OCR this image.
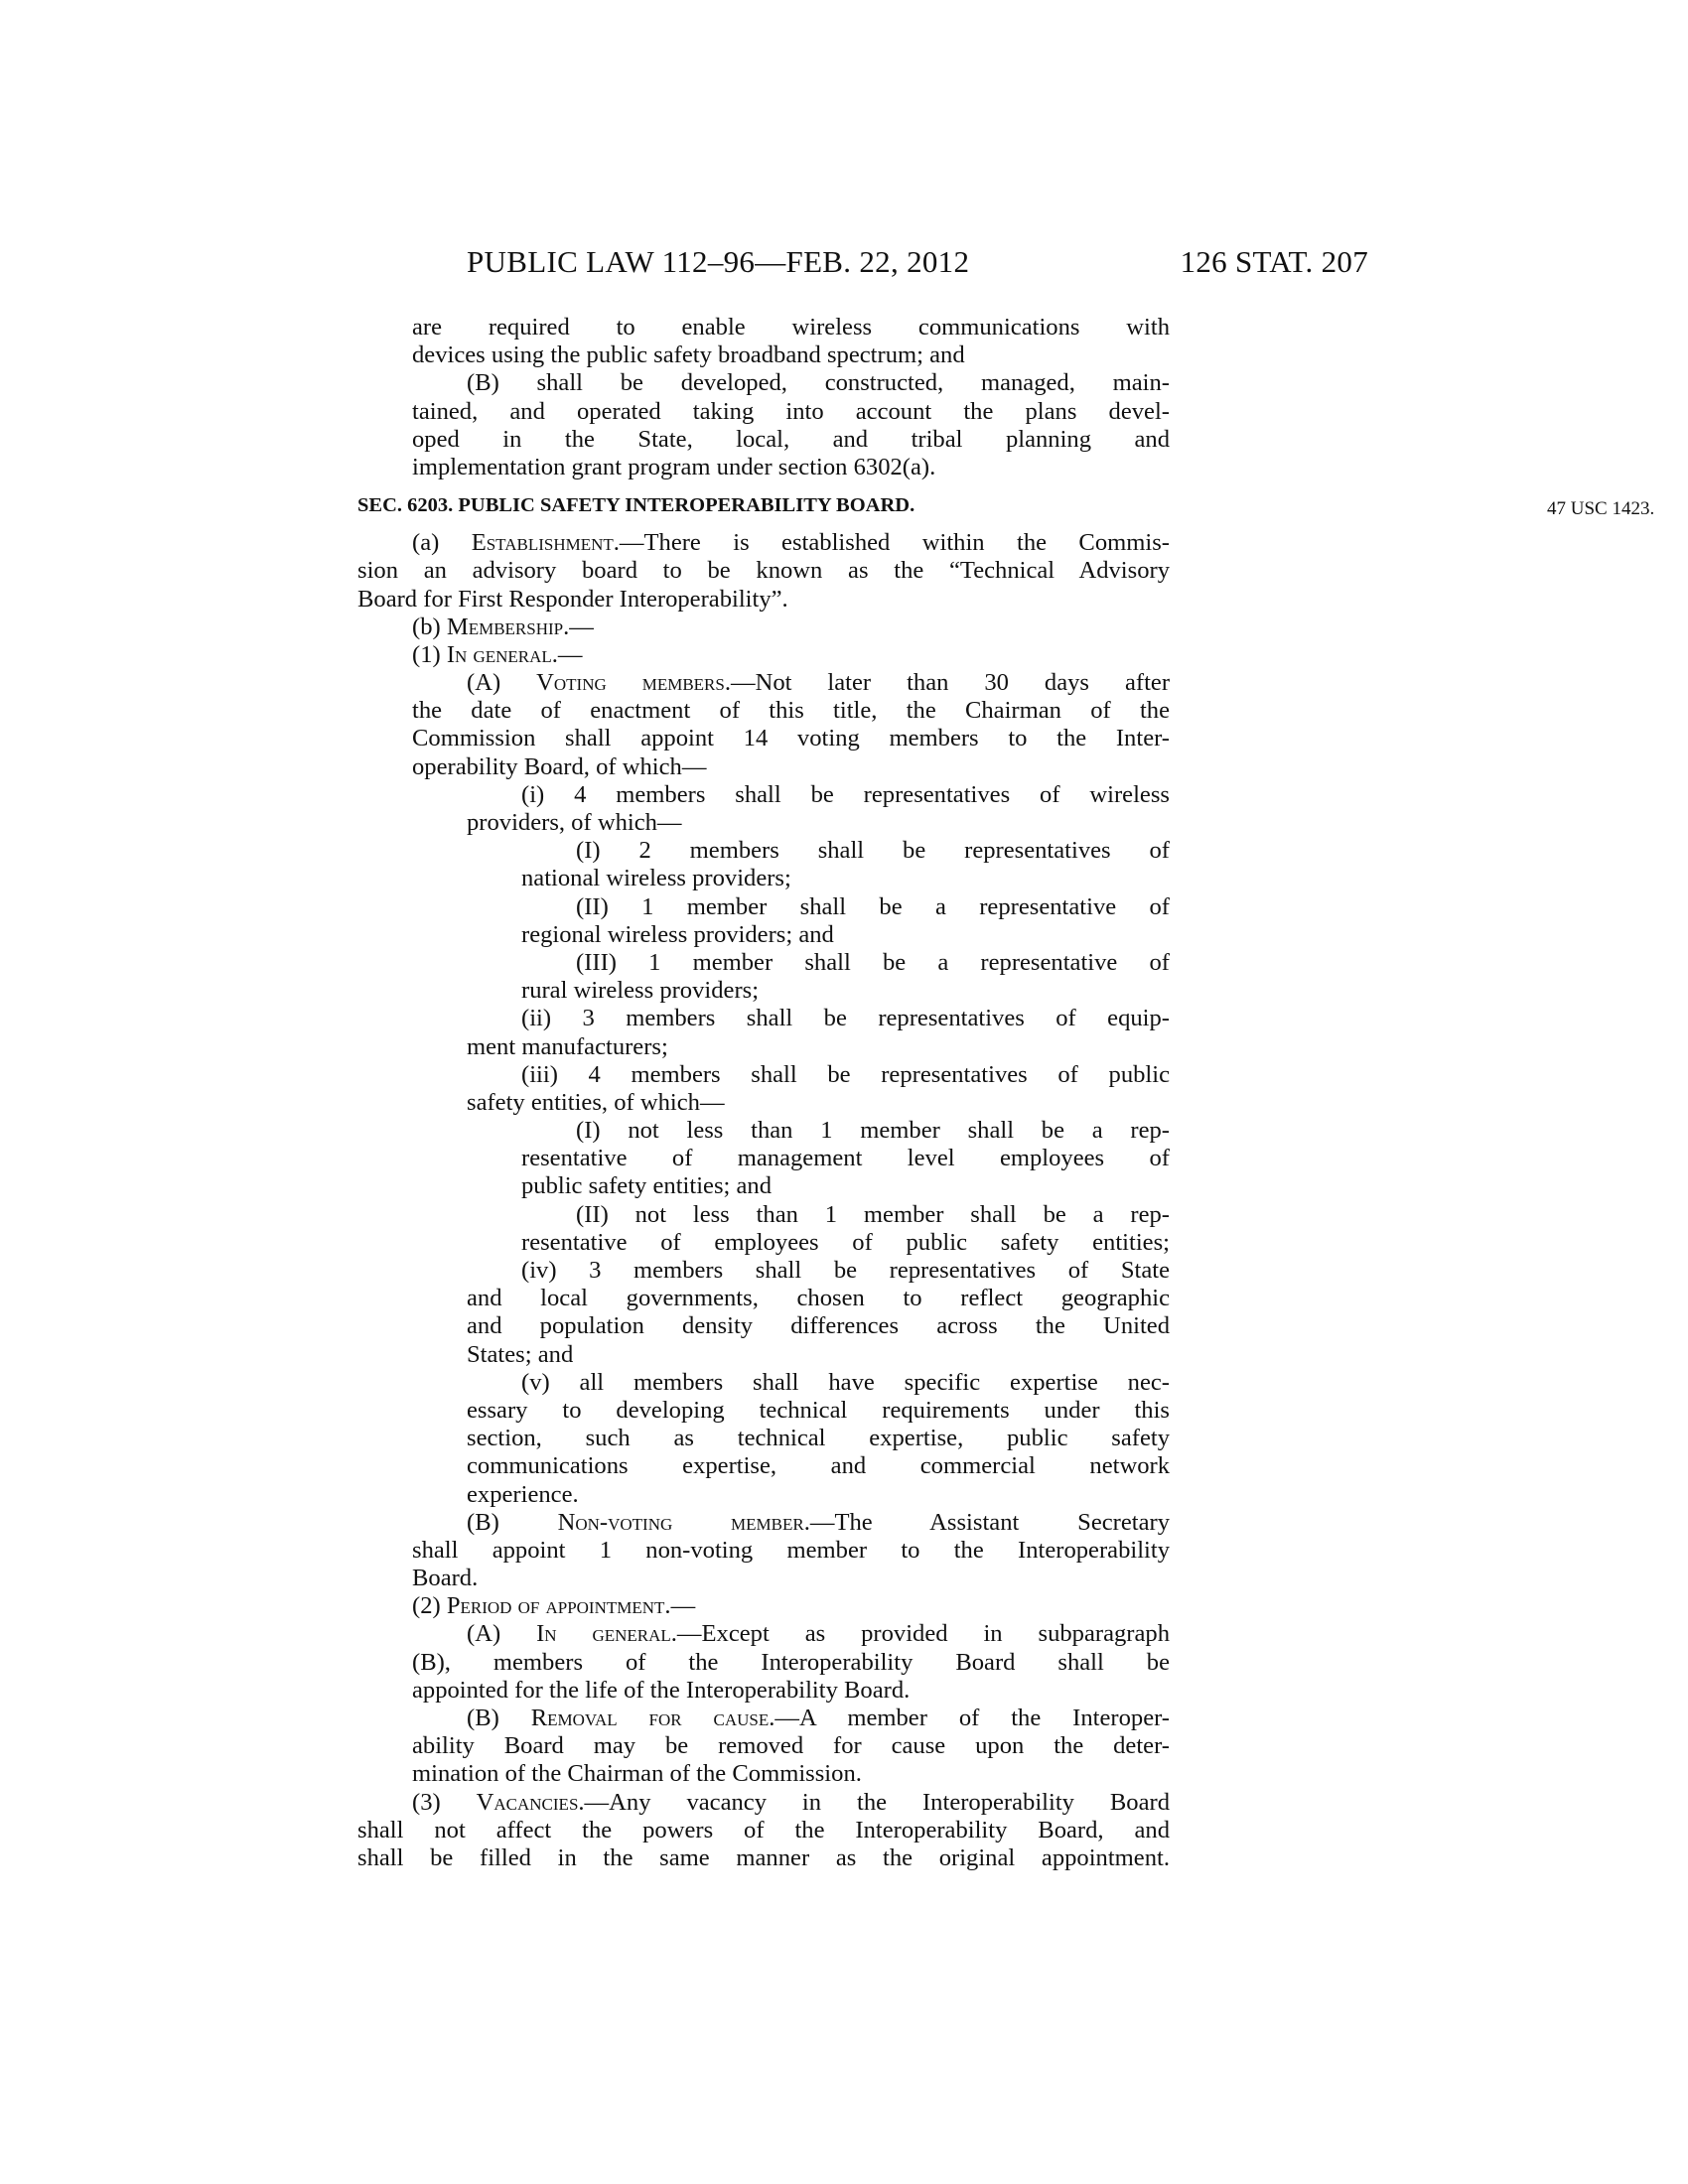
PUBLIC LAW 112–96—FEB. 22, 2012	126 STAT. 207
are required to enable wireless communications with
devices using the public safety broadband spectrum; and
(B) shall be developed, constructed, managed, main-
tained, and operated taking into account the plans devel-
oped in the State, local, and tribal planning and
implementation grant program under section 6302(a).
SEC. 6203. PUBLIC SAFETY INTEROPERABILITY BOARD.	47 USC 1423.
(a) Establishment.—There is established within the Commis-
sion an advisory board to be known as the “Technical Advisory
Board for First Responder Interoperability”.
(b) Membership.—
(1) In general.—
(A) Voting members.—Not later than 30 days after
the date of enactment of this title, the Chairman of the
Commission shall appoint 14 voting members to the Inter-
operability Board, of which—
(i) 4 members shall be representatives of wireless
providers, of which—
(I) 2 members shall be representatives of
national wireless providers;
(II) 1 member shall be a representative of
regional wireless providers; and
(III) 1 member shall be a representative of
rural wireless providers;
(ii) 3 members shall be representatives of equip-
ment manufacturers;
(iii) 4 members shall be representatives of public
safety entities, of which—
(I) not less than 1 member shall be a rep-
resentative of management level employees of
public safety entities; and
(II) not less than 1 member shall be a rep-
resentative of employees of public safety entities;
(iv) 3 members shall be representatives of State
and local governments, chosen to reflect geographic
and population density differences across the United
States; and
(v) all members shall have specific expertise nec-
essary to developing technical requirements under this
section, such as technical expertise, public safety
communications expertise, and commercial network
experience.
(B) Non-voting member.—The Assistant Secretary
shall appoint 1 non-voting member to the Interoperability
Board.
(2) Period of appointment.—
(A) In general.—Except as provided in subparagraph
(B), members of the Interoperability Board shall be
appointed for the life of the Interoperability Board.
(B) Removal for cause.—A member of the Interoper-
ability Board may be removed for cause upon the deter-
mination of the Chairman of the Commission.
(3) Vacancies.—Any vacancy in the Interoperability Board
shall not affect the powers of the Interoperability Board, and
shall be filled in the same manner as the original appointment.
